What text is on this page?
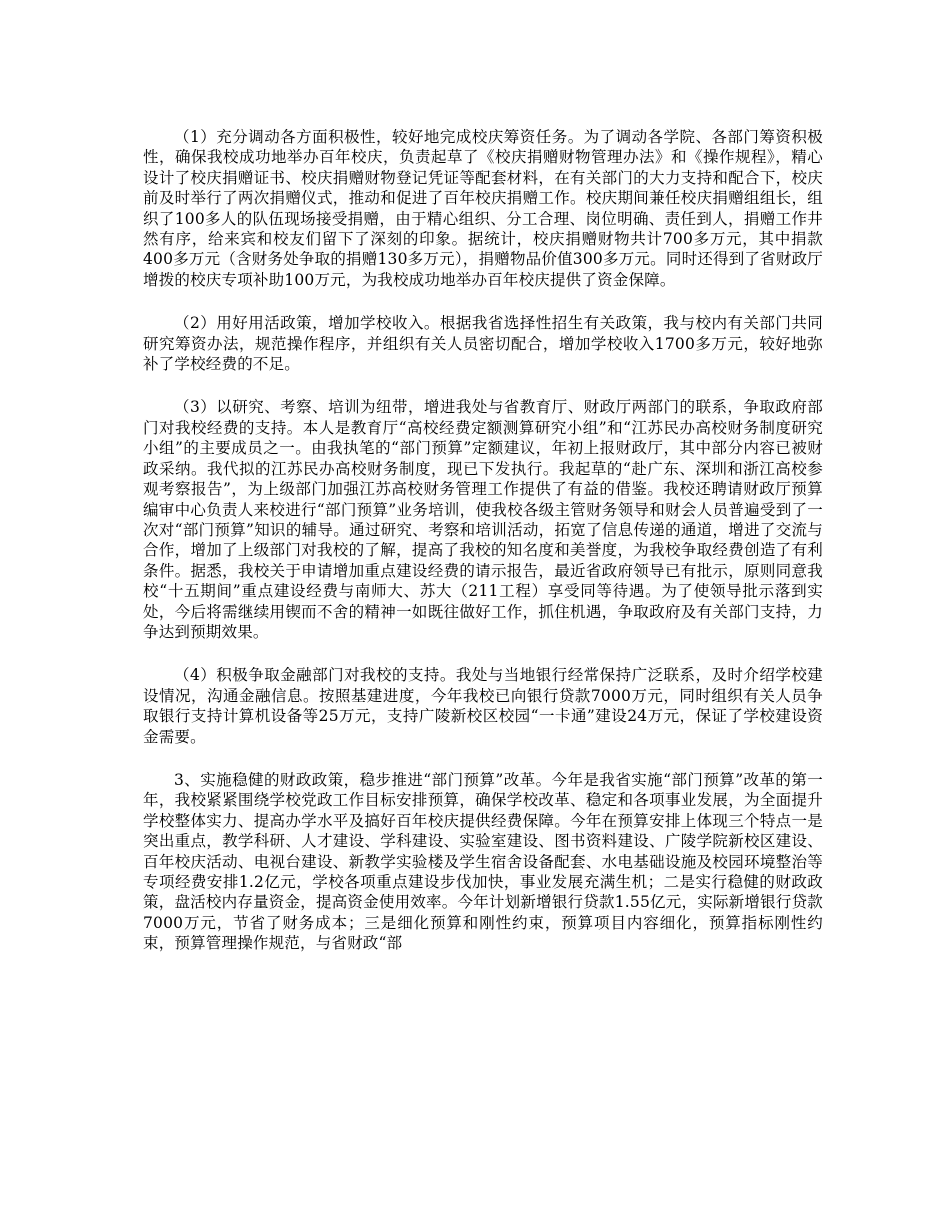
（1）充分调动各方面积极性，较好地完成校庆筹资任务。为了调动各学院、各部门筹资积极性，确保我校成功地举办百年校庆，负责起草了《校庆捐赠财物管理办法》和《操作规程》，精心设计了校庆捐赠证书、校庆捐赠财物登记凭证等配套材料，在有关部门的大力支持和配合下，校庆前及时举行了两次捐赠仪式，推动和促进了百年校庆捐赠工作。校庆期间兼任校庆捐赠组组长，组织了100多人的队伍现场接受捐赠，由于精心组织、分工合理、岗位明确、责任到人，捐赠工作井然有序，给来宾和校友们留下了深刻的印象。据统计，校庆捐赠财物共计700多万元，其中捐款400多万元（含财务处争取的捐赠130多万元），捐赠物品价值300多万元。同时还得到了省财政厅增拨的校庆专项补助100万元，为我校成功地举办百年校庆提供了资金保障。

（2）用好用活政策，增加学校收入。根据我省选择性招生有关政策，我与校内有关部门共同研究筹资办法，规范操作程序，并组织有关人员密切配合，增加学校收入1700多万元，较好地弥补了学校经费的不足。

（3）以研究、考察、培训为纽带，增进我处与省教育厅、财政厅两部门的联系，争取政府部门对我校经费的支持。本人是教育厅“高校经费定额测算研究小组”和“江苏民办高校财务制度研究小组”的主要成员之一。由我执笔的“部门预算”定额建议，年初上报财政厅，其中部分内容已被财政采纳。我代拟的江苏民办高校财务制度，现已下发执行。我起草的“赴广东、深圳和浙江高校参观考察报告”，为上级部门加强江苏高校财务管理工作提供了有益的借鉴。我校还聘请财政厅预算编审中心负责人来校进行“部门预算”业务培训，使我校各级主管财务领导和财会人员普遍受到了一次对“部门预算”知识的辅导。通过研究、考察和培训活动，拓宽了信息传递的通道，增进了交流与合作，增加了上级部门对我校的了解，提高了我校的知名度和美誉度，为我校争取经费创造了有利条件。据悉，我校关于申请增加重点建设经费的请示报告，最近省政府领导已有批示，原则同意我校“十五期间”重点建设经费与南师大、苏大（211工程）享受同等待遇。为了使领导批示落到实处，今后将需继续用锲而不舍的精神一如既往做好工作，抓住机遇，争取政府及有关部门支持，力争达到预期效果。

（4）积极争取金融部门对我校的支持。我处与当地银行经常保持广泛联系，及时介绍学校建设情况，沟通金融信息。按照基建进度，今年我校已向银行贷款7000万元，同时组织有关人员争取银行支持计算机设备等25万元，支持广陵新校区校园“一卡通”建设24万元，保证了学校建设资金需要。

3、实施稳健的财政政策，稳步推进“部门预算”改革。今年是我省实施“部门预算”改革的第一年，我校紧紧围绕学校党政工作目标安排预算，确保学校改革、稳定和各项事业发展，为全面提升学校整体实力、提高办学水平及搞好百年校庆提供经费保障。今年在预算安排上体现三个特点一是突出重点，教学科研、人才建设、学科建设、实验室建设、图书资料建设、广陵学院新校区建设、百年校庆活动、电视台建设、新教学实验楼及学生宿舍设备配套、水电基础设施及校园环境整治等专项经费安排1.2亿元，学校各项重点建设步伐加快，事业发展充满生机；二是实行稳健的财政政策，盘活校内存量资金，提高资金使用效率。今年计划新增银行贷款1.55亿元，实际新增银行贷款7000万元，节省了财务成本；三是细化预算和刚性约束，预算项目内容细化，预算指标刚性约束，预算管理操作规范，与省财政“部
